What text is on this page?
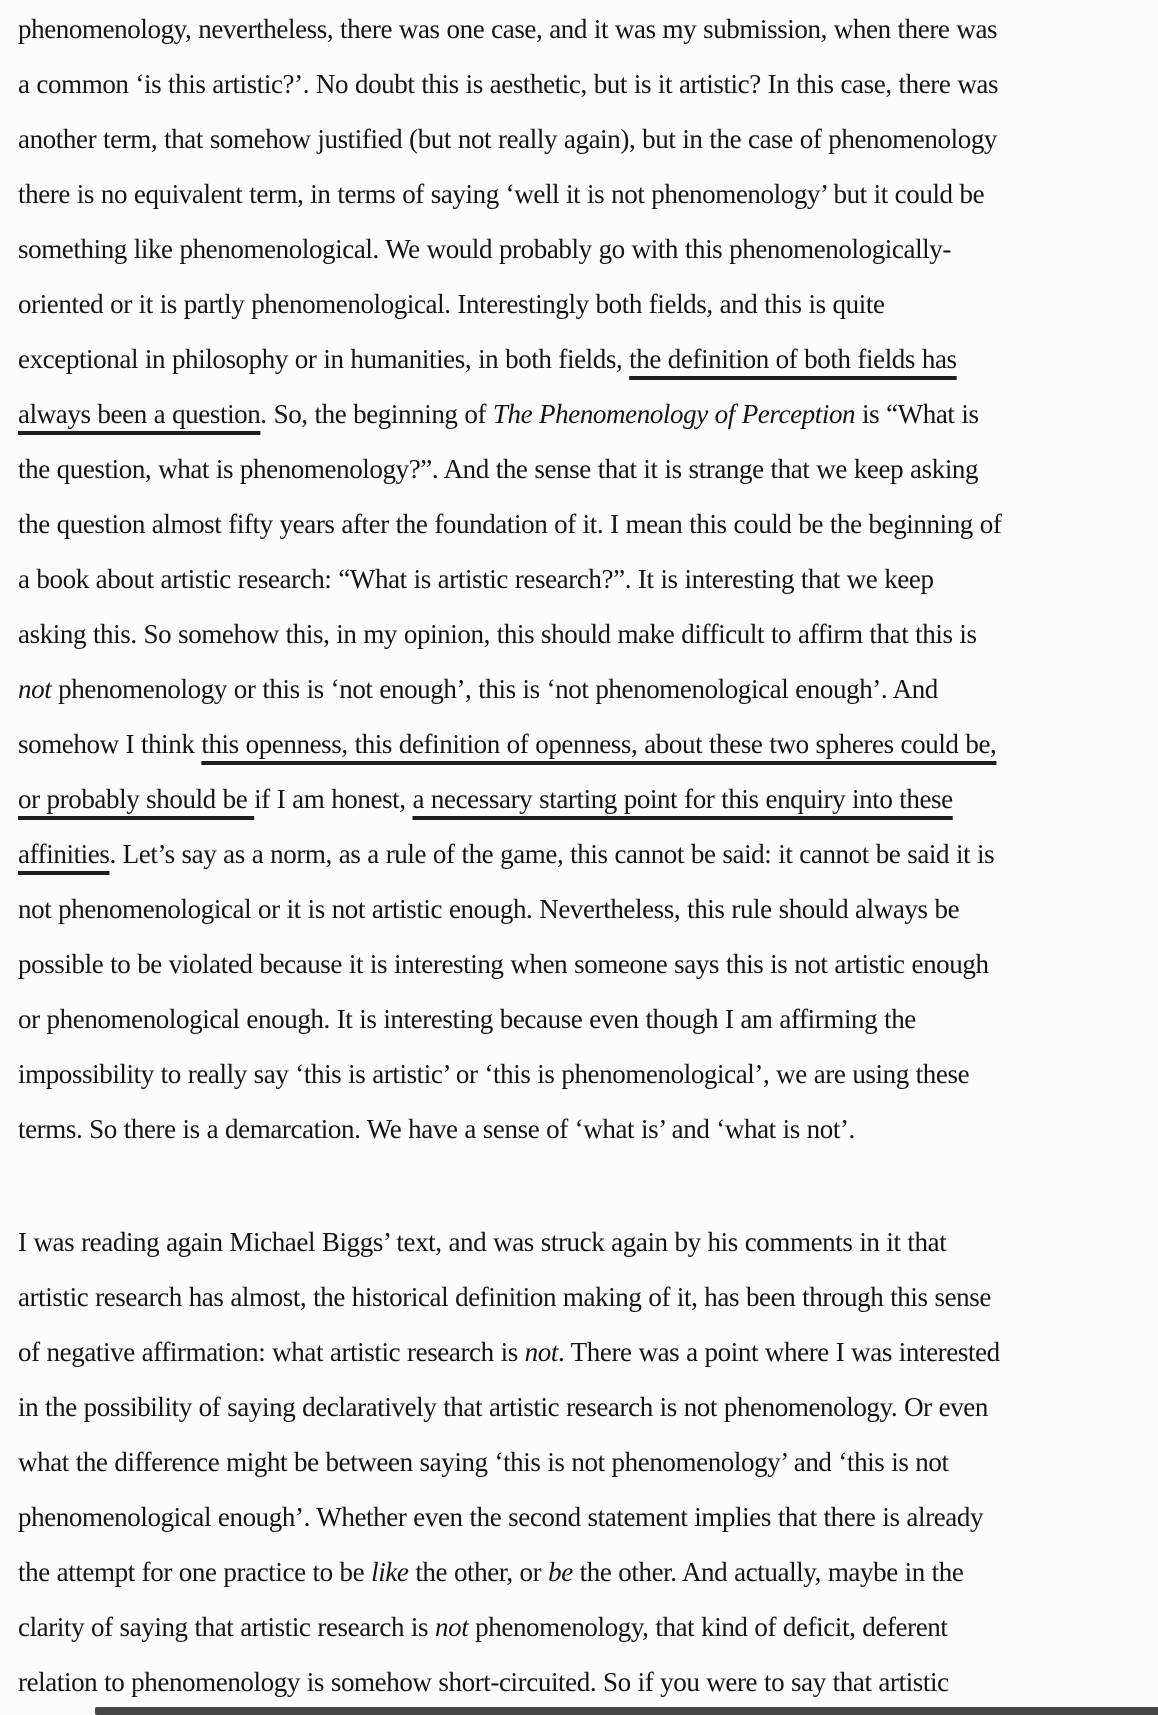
phenomenology, nevertheless, there was one case, and it was my submission, when there was
a common ‘is this artistic?’. No doubt this is aesthetic, but is it artistic? In this case, there was
another term, that somehow justified (but not really again), but in the case of phenomenology
there is no equivalent term, in terms of saying ‘well it is not phenomenology’ but it could be
something like phenomenological. We would probably go with this phenomenologically-
oriented or it is partly phenomenological. Interestingly both fields, and this is quite
exceptional in philosophy or in humanities, in both fields, the definition of both fields has
always been a question. So, the beginning of The Phenomenology of Perception is “What is
the question, what is phenomenology?”. And the sense that it is strange that we keep asking
the question almost fifty years after the foundation of it. I mean this could be the beginning of
a book about artistic research: “What is artistic research?”. It is interesting that we keep
asking this. So somehow this, in my opinion, this should make difficult to affirm that this is
not phenomenology or this is ‘not enough’, this is ‘not phenomenological enough’. And
somehow I think this openness, this definition of openness, about these two spheres could be,
or probably should be if I am honest, a necessary starting point for this enquiry into these
affinities. Let’s say as a norm, as a rule of the game, this cannot be said: it cannot be said it is
not phenomenological or it is not artistic enough. Nevertheless, this rule should always be
possible to be violated because it is interesting when someone says this is not artistic enough
or phenomenological enough. It is interesting because even though I am affirming the
impossibility to really say ‘this is artistic’ or ‘this is phenomenological’, we are using these
terms. So there is a demarcation. We have a sense of ‘what is’ and ‘what is not’.
I was reading again Michael Biggs’ text, and was struck again by his comments in it that
artistic research has almost, the historical definition making of it, has been through this sense
of negative affirmation: what artistic research is not. There was a point where I was interested
in the possibility of saying declaratively that artistic research is not phenomenology. Or even
what the difference might be between saying ‘this is not phenomenology’ and ‘this is not
phenomenological enough’. Whether even the second statement implies that there is already
the attempt for one practice to be like the other, or be the other. And actually, maybe in the
clarity of saying that artistic research is not phenomenology, that kind of deficit, deferent
relation to phenomenology is somehow short-circuited. So if you were to say that artistic
